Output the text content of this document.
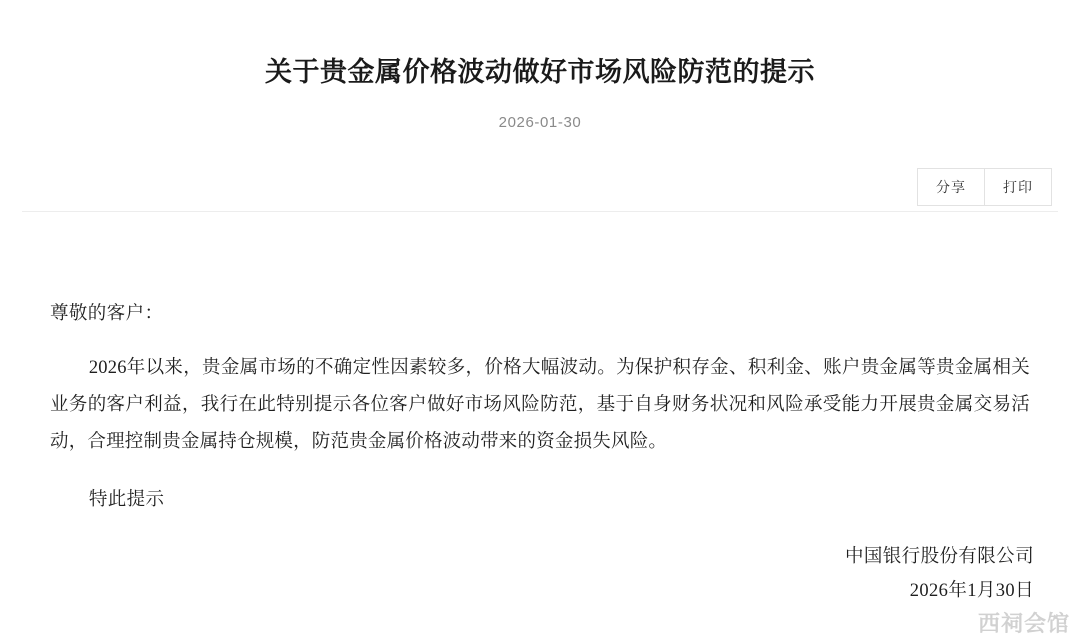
关于贵金属价格波动做好市场风险防范的提示
2026-01-30
分享	打印
尊敬的客户：
2026年以来，贵金属市场的不确定性因素较多，价格大幅波动。为保护积存金、积利金、账户贵金属等贵金属相关业务的客户利益，我行在此特别提示各位客户做好市场风险防范，基于自身财务状况和风险承受能力开展贵金属交易活动，合理控制贵金属持仓规模，防范贵金属价格波动带来的资金损失风险。
特此提示
中国银行股份有限公司
2026年1月30日
西祠会馆
